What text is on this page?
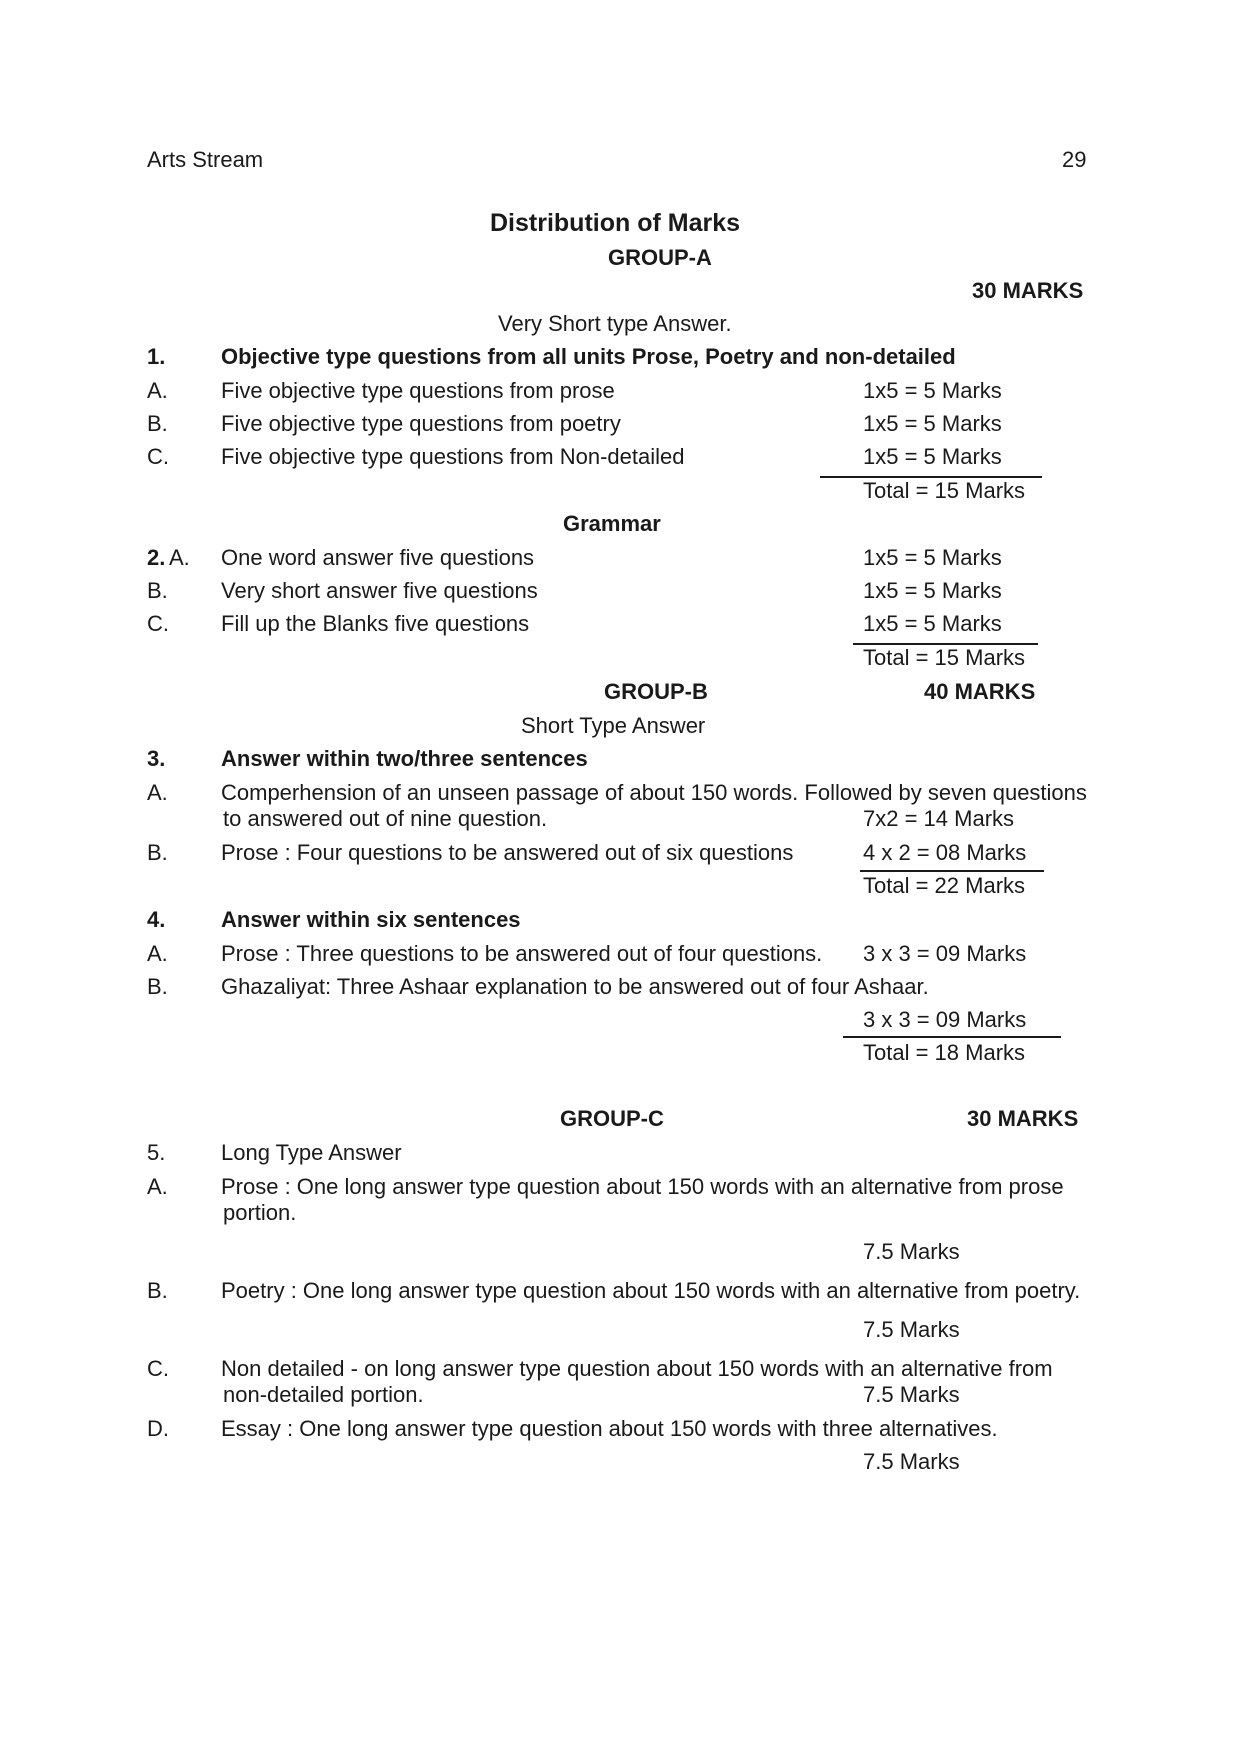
Arts Stream	29
Distribution of Marks
GROUP-A
30 MARKS
Very Short type Answer.
1.	Objective type questions from all units Prose, Poetry and non-detailed
A. Five objective type questions from prose	1x5 = 5 Marks
B. Five objective type questions from poetry	1x5 = 5 Marks
C. Five objective type questions from Non-detailed	1x5 = 5 Marks
Total = 15 Marks
Grammar
2. A. One word answer five questions	1x5 = 5 Marks
B. Very short answer five questions	1x5 = 5 Marks
C. Fill up the Blanks five questions	1x5 = 5 Marks
Total = 15 Marks
GROUP-B	40 MARKS
Short Type Answer
3.	Answer within two/three sentences
A. Comperhension of an unseen passage of about 150 words. Followed by seven questions
to answered out of nine question.	7x2 = 14 Marks
B. Prose : Four questions to be answered out of six questions	4 x 2 = 08 Marks
Total = 22 Marks
4.	Answer within six sentences
A. Prose : Three questions to be answered out of four questions. 3 x 3 = 09 Marks
B. Ghazaliyat: Three Ashaar explanation to be answered out of four Ashaar.
3 x 3 = 09 Marks
Total = 18 Marks
GROUP-C	30 MARKS
5.	Long Type Answer
A. Prose : One long answer type question about 150 words with an alternative from prose
portion.
7.5 Marks
B. Poetry : One long answer type question about 150 words with an alternative from poetry.
7.5 Marks
C. Non detailed - on long answer type question about 150 words with an alternative from
non-detailed portion.	7.5 Marks
D. Essay : One long answer type question about 150 words with three alternatives.
7.5 Marks
